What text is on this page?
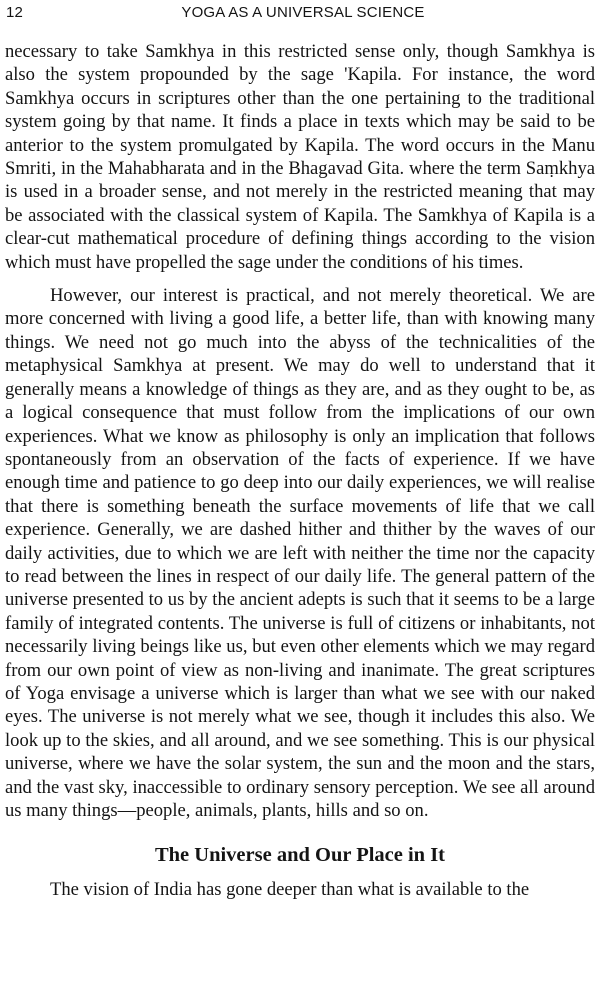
12	YOGA AS A UNIVERSAL SCIENCE

necessary to take Samkhya in this restricted sense only, though Samkhya is also the system propounded by the sage 'Kapila. For instance, the word Samkhya occurs in scriptures other than the one pertaining to the traditional system going by that name. It finds a place in texts which may be said to be anterior to the system promulgated by Kapila. The word occurs in the Manu Smriti, in the Mahabharata and in the Bhagavad Gita. where the term Saṃkhya is used in a broader sense, and not merely in the restricted meaning that may be associated with the classical system of Kapila. The Samkhya of Kapila is a clear-cut mathematical procedure of defining things according to the vision which must have propelled the sage under the conditions of his times.

However, our interest is practical, and not merely theoretical. We are more concerned with living a good life, a better life, than with knowing many things. We need not go much into the abyss of the technicalities of the metaphysical Samkhya at present. We may do well to understand that it generally means a knowledge of things as they are, and as they ought to be, as a logical consequence that must follow from the implications of our own experiences. What we know as philosophy is only an implication that follows spontaneously from an observation of the facts of experience. If we have enough time and patience to go deep into our daily experiences, we will realise that there is something beneath the surface movements of life that we call experience. Generally, we are dashed hither and thither by the waves of our daily activities, due to which we are left with neither the time nor the capacity to read between the lines in respect of our daily life. The general pattern of the universe presented to us by the ancient adepts is such that it seems to be a large family of integrated contents. The universe is full of citizens or inhabitants, not necessarily living beings like us, but even other elements which we may regard from our own point of view as non-living and inanimate. The great scriptures of Yoga envisage a universe which is larger than what we see with our naked eyes. The universe is not merely what we see, though it includes this also. We look up to the skies, and all around, and we see something. This is our physical universe, where we have the solar system, the sun and the moon and the stars, and the vast sky, inaccessible to ordinary sensory perception. We see all around us many things—people, animals, plants, hills and so on.

The Universe and Our Place in It

The vision of India has gone deeper than what is available to the
